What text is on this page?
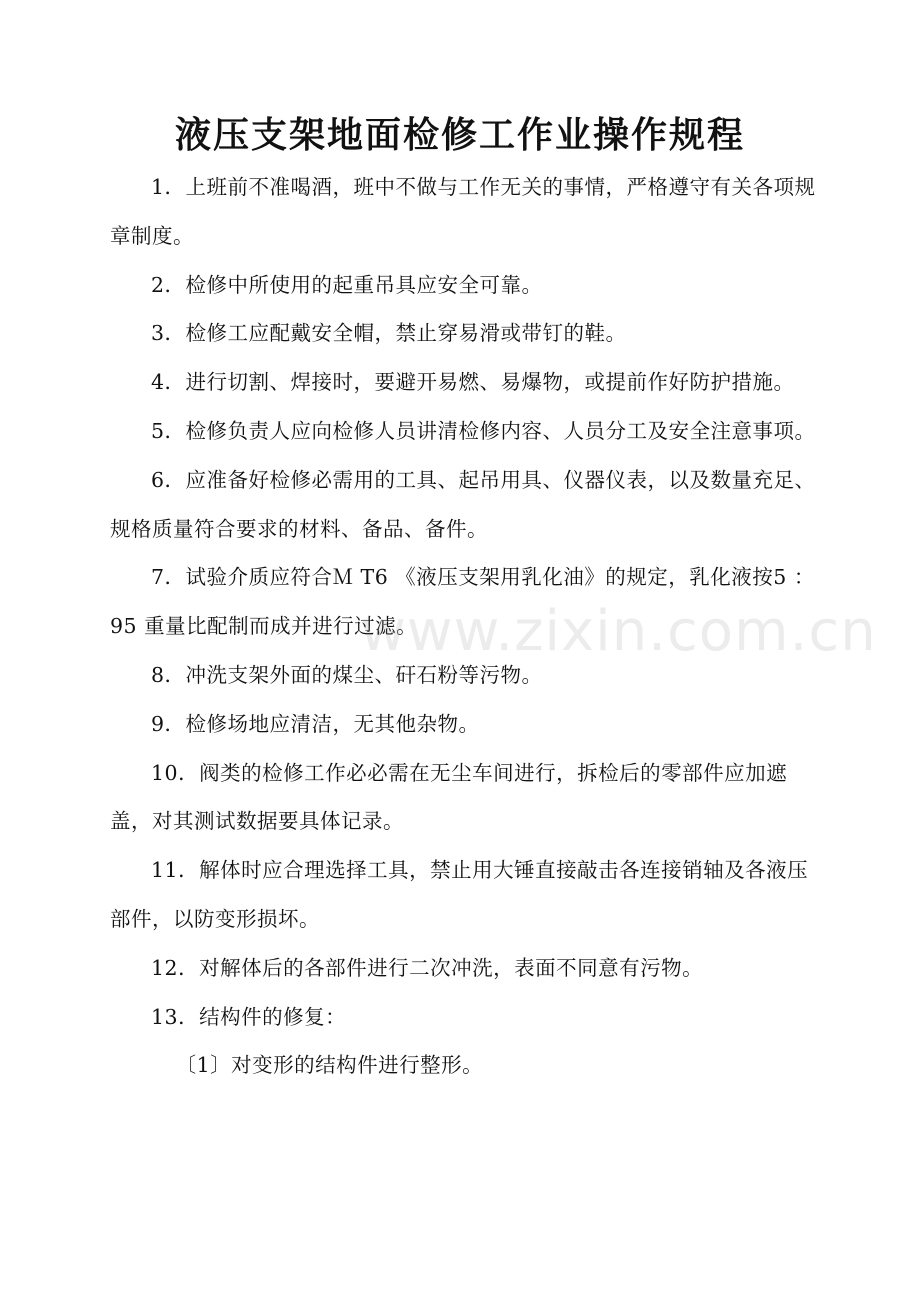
液压支架地面检修工作业操作规程

1．上班前不准喝酒，班中不做与工作无关的事情，严格遵守有关各项规章制度。

2．检修中所使用的起重吊具应安全可靠。

3．检修工应配戴安全帽，禁止穿易滑或带钉的鞋。

4．进行切割、焊接时，要避开易燃、易爆物，或提前作好防护措施。

5．检修负责人应向检修人员讲清检修内容、人员分工及安全注意事项。

6．应准备好检修必需用的工具、起吊用具、仪器仪表，以及数量充足、规格质量符合要求的材料、备品、备件。

7．试验介质应符合Ｍ T6 《液压支架用乳化油》的规定，乳化液按5 ：95 重量比配制而成并进行过滤。

8．冲洗支架外面的煤尘、矸石粉等污物。

9．检修场地应清洁，无其他杂物。

10．阀类的检修工作必必需在无尘车间进行，拆检后的零部件应加遮盖，对其测试数据要具体记录。

11．解体时应合理选择工具，禁止用大锤直接敲击各连接销轴及各液压部件，以防变形损坏。

12．对解体后的各部件进行二次冲洗，表面不同意有污物。

13．结构件的修复：

〔1〕对变形的结构件进行整形。

www.zixin.com.cn
